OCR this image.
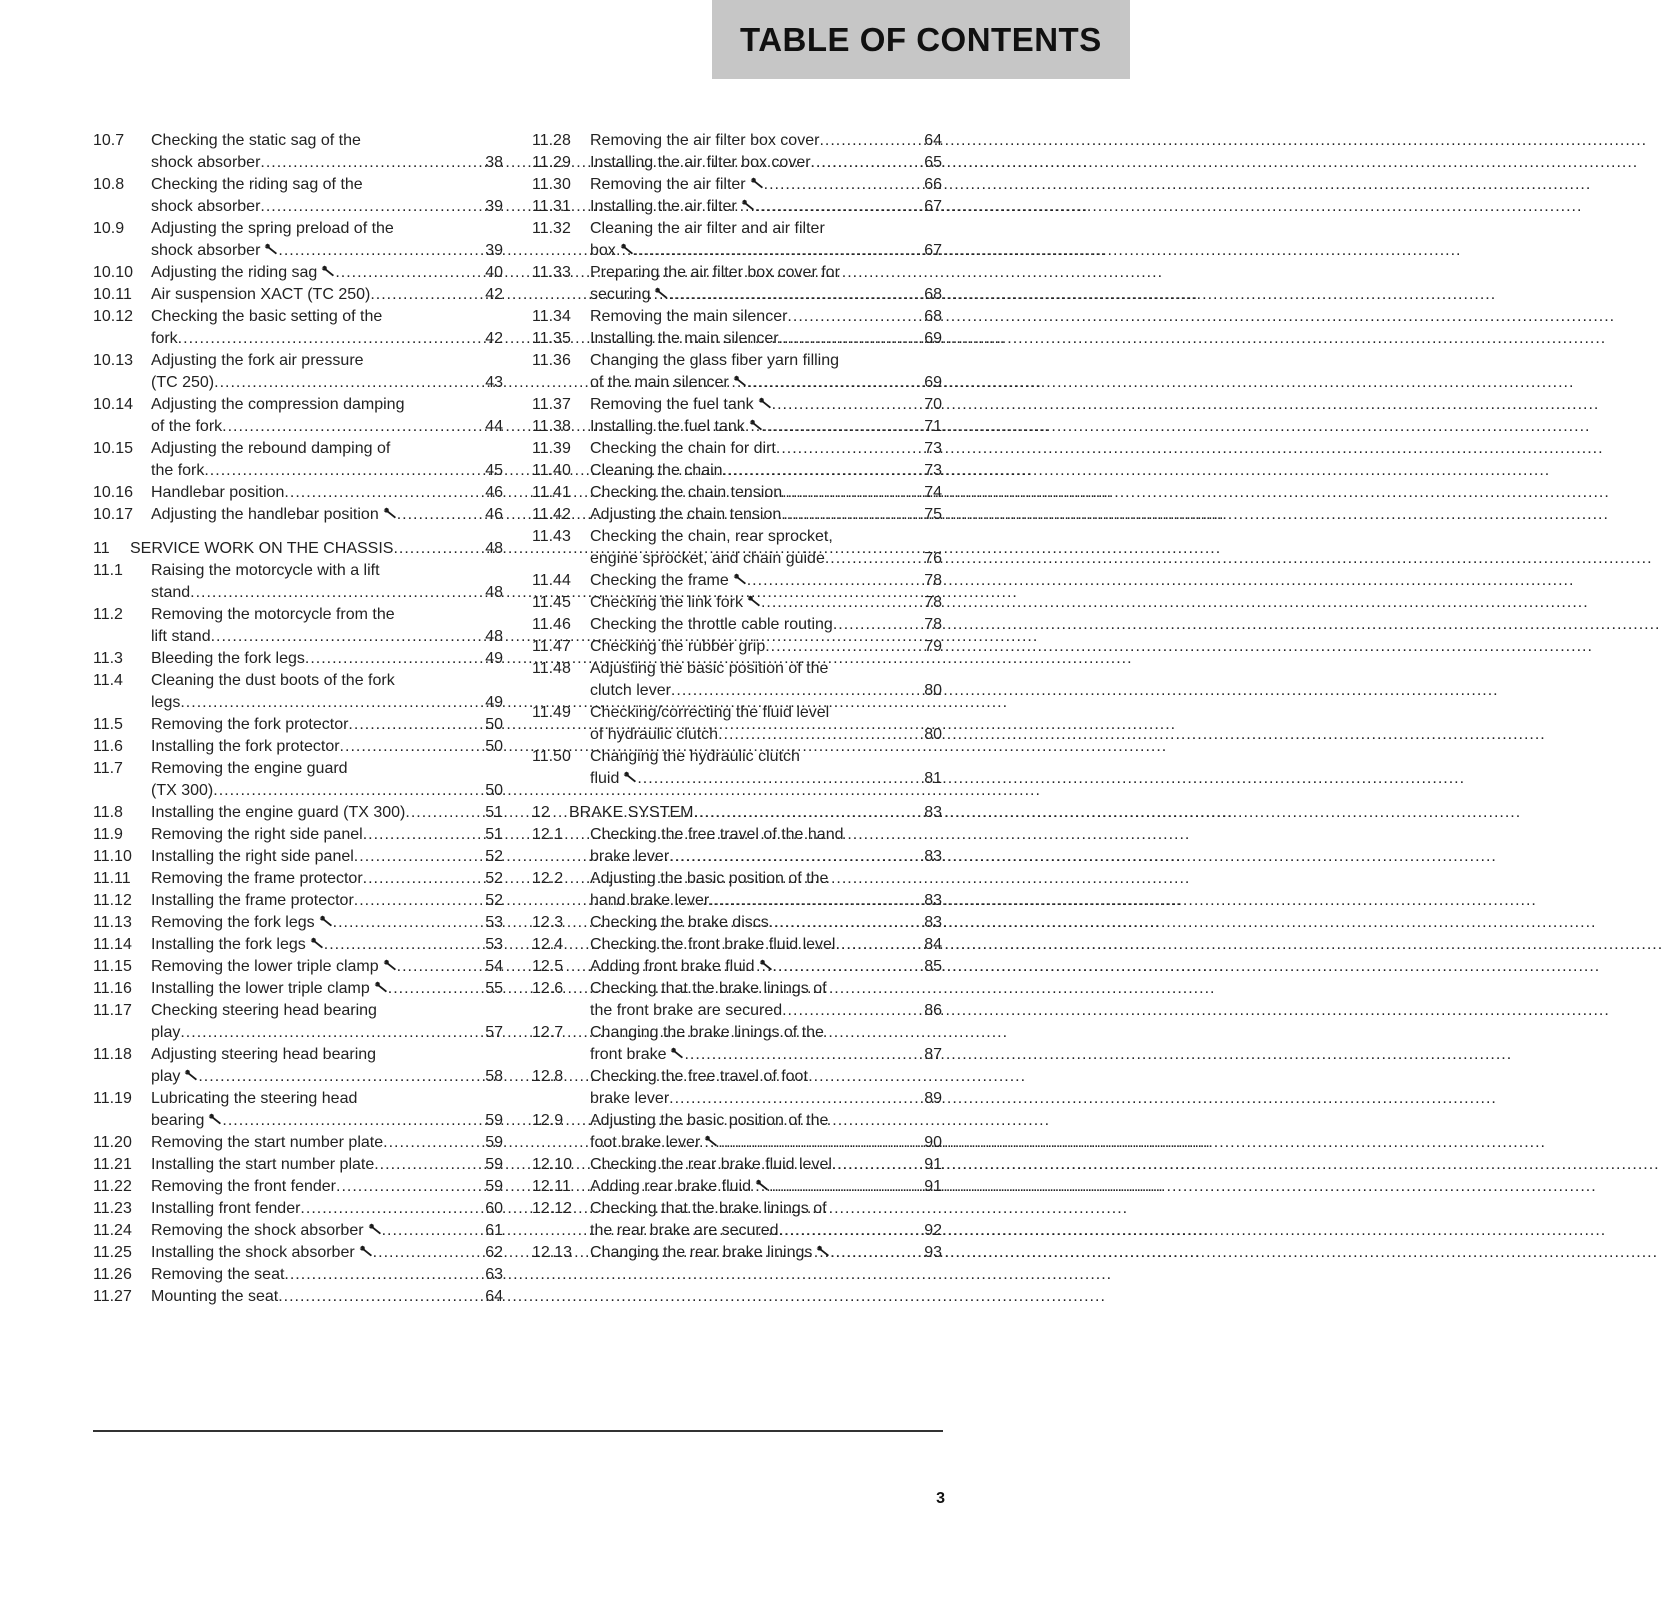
TABLE OF CONTENTS
10.7	Checking the static sag of the
shock absorber .....	38
10.8	Checking the riding sag of the
shock absorber .....	39
10.9	Adjusting the spring preload of the
shock absorber .....	39
10.10	Adjusting the riding sag .....	40
10.11	Air suspension XACT (TC 250) .....	42
10.12	Checking the basic setting of the
fork .....	42
10.13	Adjusting the fork air pressure
(TC 250) .....	43
10.14	Adjusting the compression damping
of the fork .....	44
10.15	Adjusting the rebound damping of
the fork .....	45
10.16	Handlebar position .....	46
10.17	Adjusting the handlebar position .....	46
11	SERVICE WORK ON THE CHASSIS .....	48
11.1	Raising the motorcycle with a lift
stand .....	48
11.2	Removing the motorcycle from the
lift stand .....	48
11.3	Bleeding the fork legs .....	49
11.4	Cleaning the dust boots of the fork
legs .....	49
11.5	Removing the fork protector .....	50
11.6	Installing the fork protector .....	50
11.7	Removing the engine guard
(TX 300) .....	50
11.8	Installing the engine guard (TX 300) .....	51
11.9	Removing the right side panel .....	51
11.10	Installing the right side panel .....	52
11.11	Removing the frame protector .....	52
11.12	Installing the frame protector .....	52
11.13	Removing the fork legs .....	53
11.14	Installing the fork legs .....	53
11.15	Removing the lower triple clamp .....	54
11.16	Installing the lower triple clamp .....	55
11.17	Checking steering head bearing
play .....	57
11.18	Adjusting steering head bearing
play .....	58
11.19	Lubricating the steering head
bearing .....	59
11.20	Removing the start number plate .....	59
11.21	Installing the start number plate .....	59
11.22	Removing the front fender .....	59
11.23	Installing front fender .....	60
11.24	Removing the shock absorber .....	61
11.25	Installing the shock absorber .....	62
11.26	Removing the seat .....	63
11.27	Mounting the seat .....	64
11.28	Removing the air filter box cover .....	64
11.29	Installing the air filter box cover .....	65
11.30	Removing the air filter .....	66
11.31	Installing the air filter .....	67
11.32	Cleaning the air filter and air filter
box .....	67
11.33	Preparing the air filter box cover for
securing .....	68
11.34	Removing the main silencer .....	68
11.35	Installing the main silencer .....	69
11.36	Changing the glass fiber yarn filling
of the main silencer .....	69
11.37	Removing the fuel tank .....	70
11.38	Installing the fuel tank .....	71
11.39	Checking the chain for dirt .....	73
11.40	Cleaning the chain .....	73
11.41	Checking the chain tension .....	74
11.42	Adjusting the chain tension .....	75
11.43	Checking the chain, rear sprocket,
engine sprocket, and chain guide .....	76
11.44	Checking the frame .....	78
11.45	Checking the link fork .....	78
11.46	Checking the throttle cable routing .....	78
11.47	Checking the rubber grip .....	79
11.48	Adjusting the basic position of the
clutch lever .....	80
11.49	Checking/correcting the fluid level
of hydraulic clutch .....	80
11.50	Changing the hydraulic clutch
fluid .....	81
12	BRAKE SYSTEM .....	83
12.1	Checking the free travel of the hand
brake lever .....	83
12.2	Adjusting the basic position of the
hand brake lever .....	83
12.3	Checking the brake discs .....	83
12.4	Checking the front brake fluid level .....	84
12.5	Adding front brake fluid .....	85
12.6	Checking that the brake linings of
the front brake are secured .....	86
12.7	Changing the brake linings of the
front brake .....	87
12.8	Checking the free travel of foot
brake lever .....	89
12.9	Adjusting the basic position of the
foot brake lever .....	90
12.10	Checking the rear brake fluid level .....	91
12.11	Adding rear brake fluid .....	91
12.12	Checking that the brake linings of
the rear brake are secured .....	92
12.13	Changing the rear brake linings .....	93
3
